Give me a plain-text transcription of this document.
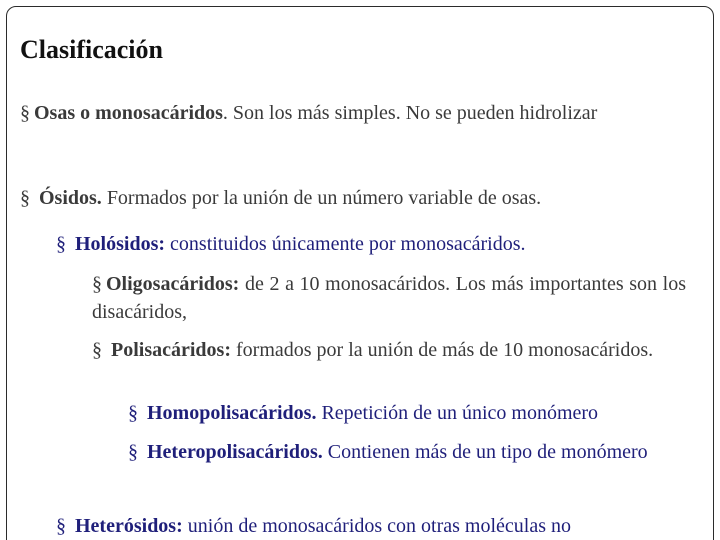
Clasificación

§ Osas o monosacáridos. Son los más simples. No se pueden hidrolizar

§ Ósidos. Formados por la unión de un número variable de osas.

§ Holósidos: constituidos únicamente por monosacáridos.

§ Oligosacáridos: de 2 a 10 monosacáridos. Los más importantes son los disacáridos,

§ Polisacáridos: formados por la unión de más de 10 monosacáridos.

§ Homopolisacáridos. Repetición de un único monómero

§ Heteropolisacáridos. Contienen más de un tipo de monómero

§ Heterósidos: unión de monosacáridos con otras moléculas no
